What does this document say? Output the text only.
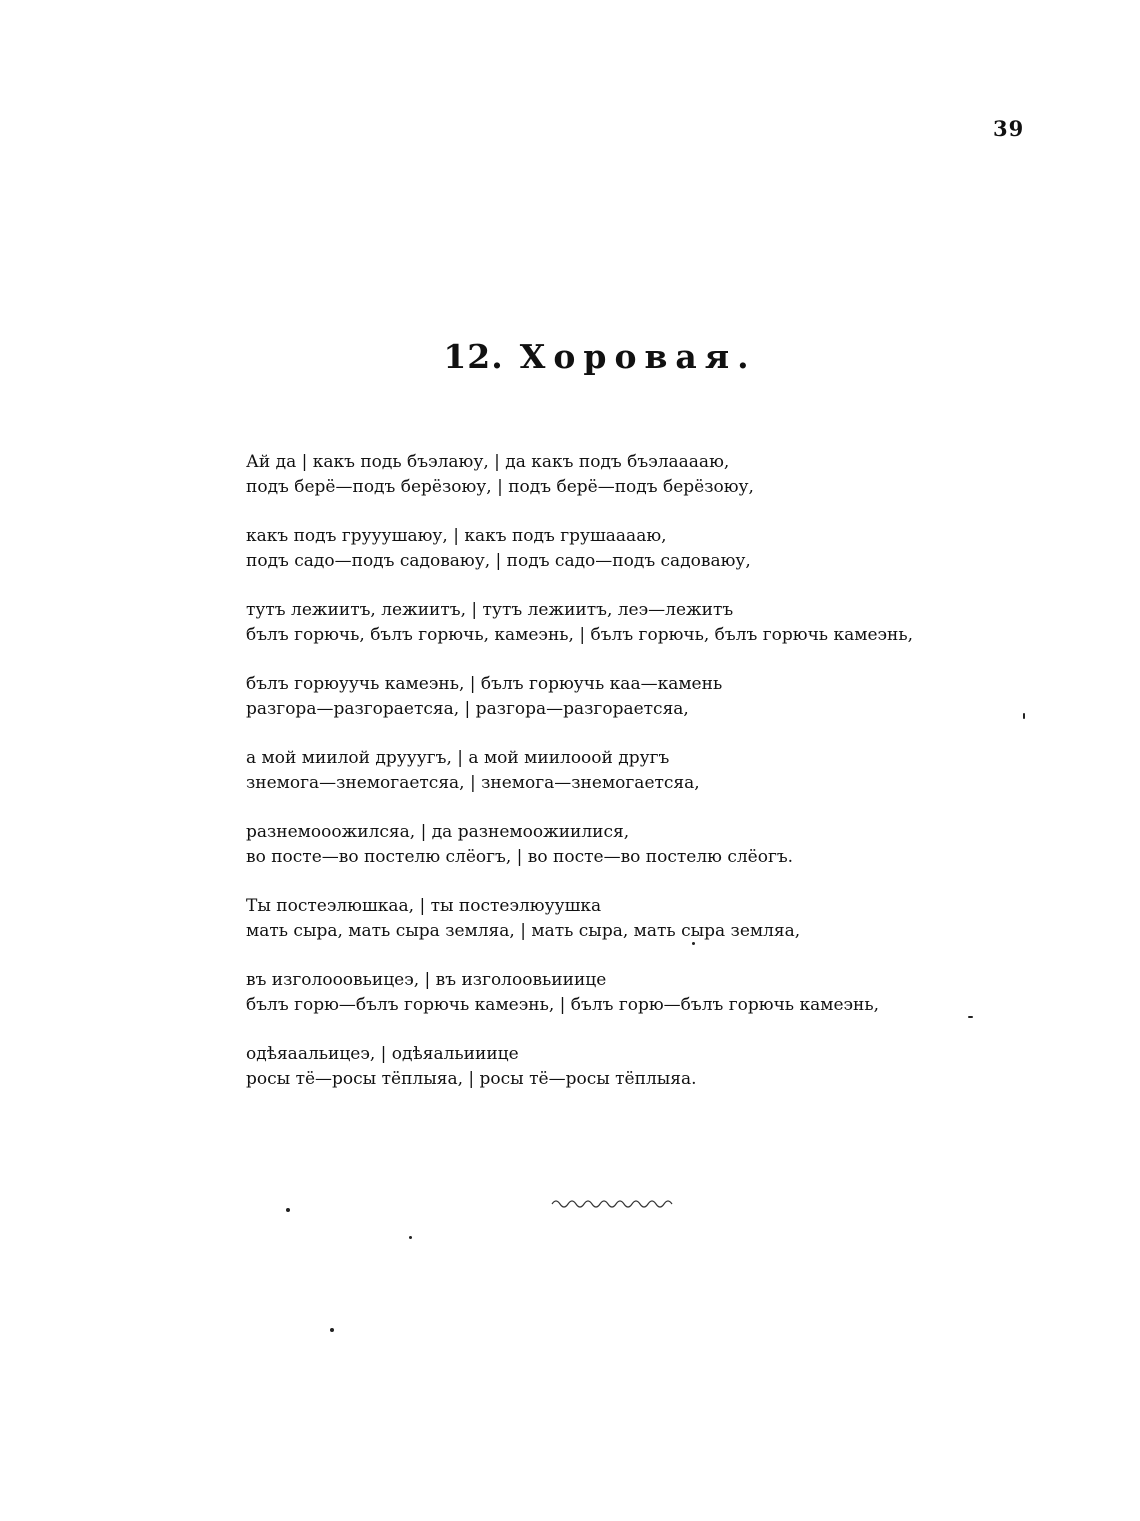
39
12. Хоровая.
Ай да | какъ подь бъэлаюу, | да какъ подъ бъэлааааю,
подъ берё—подъ берёзоюу, | подъ берё—подъ берёзоюу,
какъ подъ грууушаюу, | какъ подъ грушааааю,
подъ садо—подъ садоваюу, | подъ садо—подъ садоваюу,
тутъ лежиитъ, лежиитъ, | тутъ лежиитъ, леэ—лежитъ
бълъ горючь, бълъ горючь, камеэнь, | бълъ горючь, бълъ горючь камеэнь,
бълъ горюуучь камеэнь, | бълъ горюучь каа—камень
разгора—разгораетсяа, | разгора—разгораетсяа,
а мой миилой друуугъ, | а мой миилооой другъ
знемога—знемогаетсяа, | знемога—знемогаетсяа,
разнемооожилсяа, | да разнемоожиилися,
во посте—во постелю слёогъ, | во посте—во постелю слёогъ.
Ты постеэлюшкаа, | ты постеэлюуушка
мать сыра, мать сыра земляа, | мать сыра, мать сыра земляа,
въ изголооовьицеэ, | въ изголоовьииице
бълъ горю—бълъ горючь камеэнь, | бълъ горю—бълъ горючь камеэнь,
одѣяаальицеэ, | одѣяальииице
росы тё—росы тёплыяа, | росы тё—росы тёплыяа.
